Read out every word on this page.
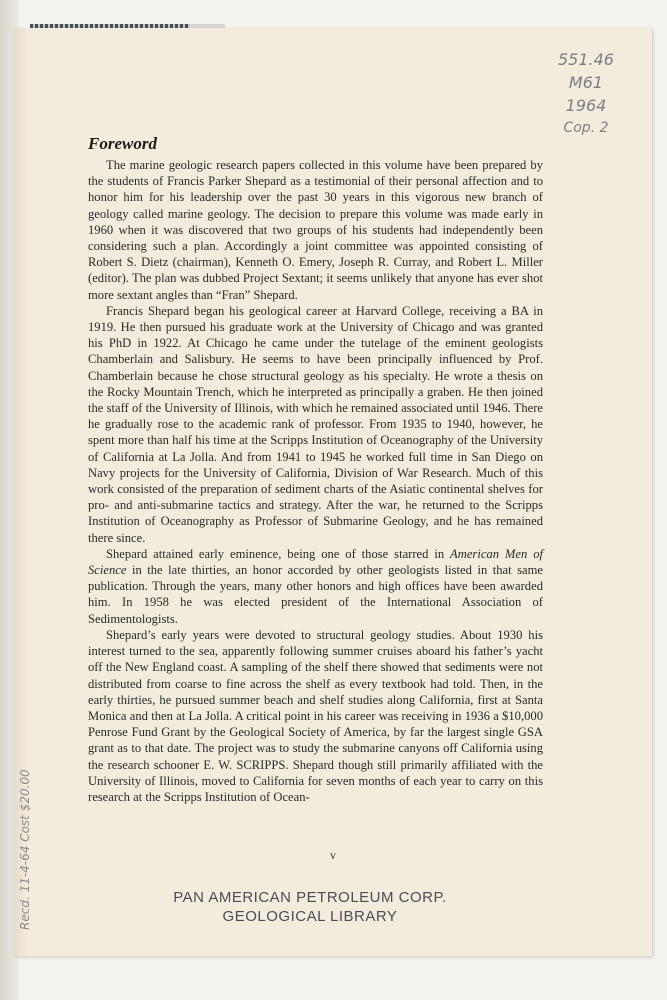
v
551.46
M61
1964
Cop. 2
Foreword

The marine geologic research papers collected in this volume have been prepared by the students of Francis Parker Shepard as a testimonial of their personal affection and to honor him for his leadership over the past 30 years in this vigorous new branch of geology called marine geology. The decision to prepare this volume was made early in 1960 when it was discovered that two groups of his students had independently been considering such a plan. Accordingly a joint committee was appointed consisting of Robert S. Dietz (chairman), Kenneth O. Emery, Joseph R. Curray, and Robert L. Miller (editor). The plan was dubbed Project Sextant; it seems unlikely that anyone has ever shot more sextant angles than “Fran” Shepard.

Francis Shepard began his geological career at Harvard College, receiving a BA in 1919. He then pursued his graduate work at the University of Chicago and was granted his PhD in 1922. At Chicago he came under the tutelage of the eminent geologists Chamberlain and Salisbury. He seems to have been principally influenced by Prof. Chamberlain because he chose structural geology as his specialty. He wrote a thesis on the Rocky Mountain Trench, which he interpreted as principally a graben. He then joined the staff of the University of Illinois, with which he remained associated until 1946. There he gradually rose to the academic rank of professor. From 1935 to 1940, however, he spent more than half his time at the Scripps Institution of Oceanography of the University of California at La Jolla. And from 1941 to 1945 he worked full time in San Diego on Navy projects for the University of California, Division of War Research. Much of this work consisted of the preparation of sediment charts of the Asiatic continental shelves for pro- and anti-submarine tactics and strategy. After the war, he returned to the Scripps Institution of Oceanography as Professor of Submarine Geology, and he has remained there since.

Shepard attained early eminence, being one of those starred in American Men of Science in the late thirties, an honor accorded by other geologists listed in that same publication. Through the years, many other honors and high offices have been awarded him. In 1958 he was elected president of the International Association of Sedimentologists.

Shepard’s early years were devoted to structural geology studies. About 1930 his interest turned to the sea, apparently following summer cruises aboard his father’s yacht off the New England coast. A sampling of the shelf there showed that sediments were not distributed from coarse to fine across the shelf as every textbook had told. Then, in the early thirties, he pursued summer beach and shelf studies along California, first at Santa Monica and then at La Jolla. A critical point in his career was receiving in 1936 a $10,000 Penrose Fund Grant by the Geological Society of America, by far the largest single GSA grant as to that date. The project was to study the submarine canyons off California using the research schooner E. W. SCRIPPS. Shepard though still primarily affiliated with the University of Illinois, moved to California for seven months of each year to carry on this research at the Scripps Institution of Ocean-

PAN AMERICAN PETROLEUM CORP.
GEOLOGICAL LIBRARY
Recd. 11-4-64 Cost $20.00
